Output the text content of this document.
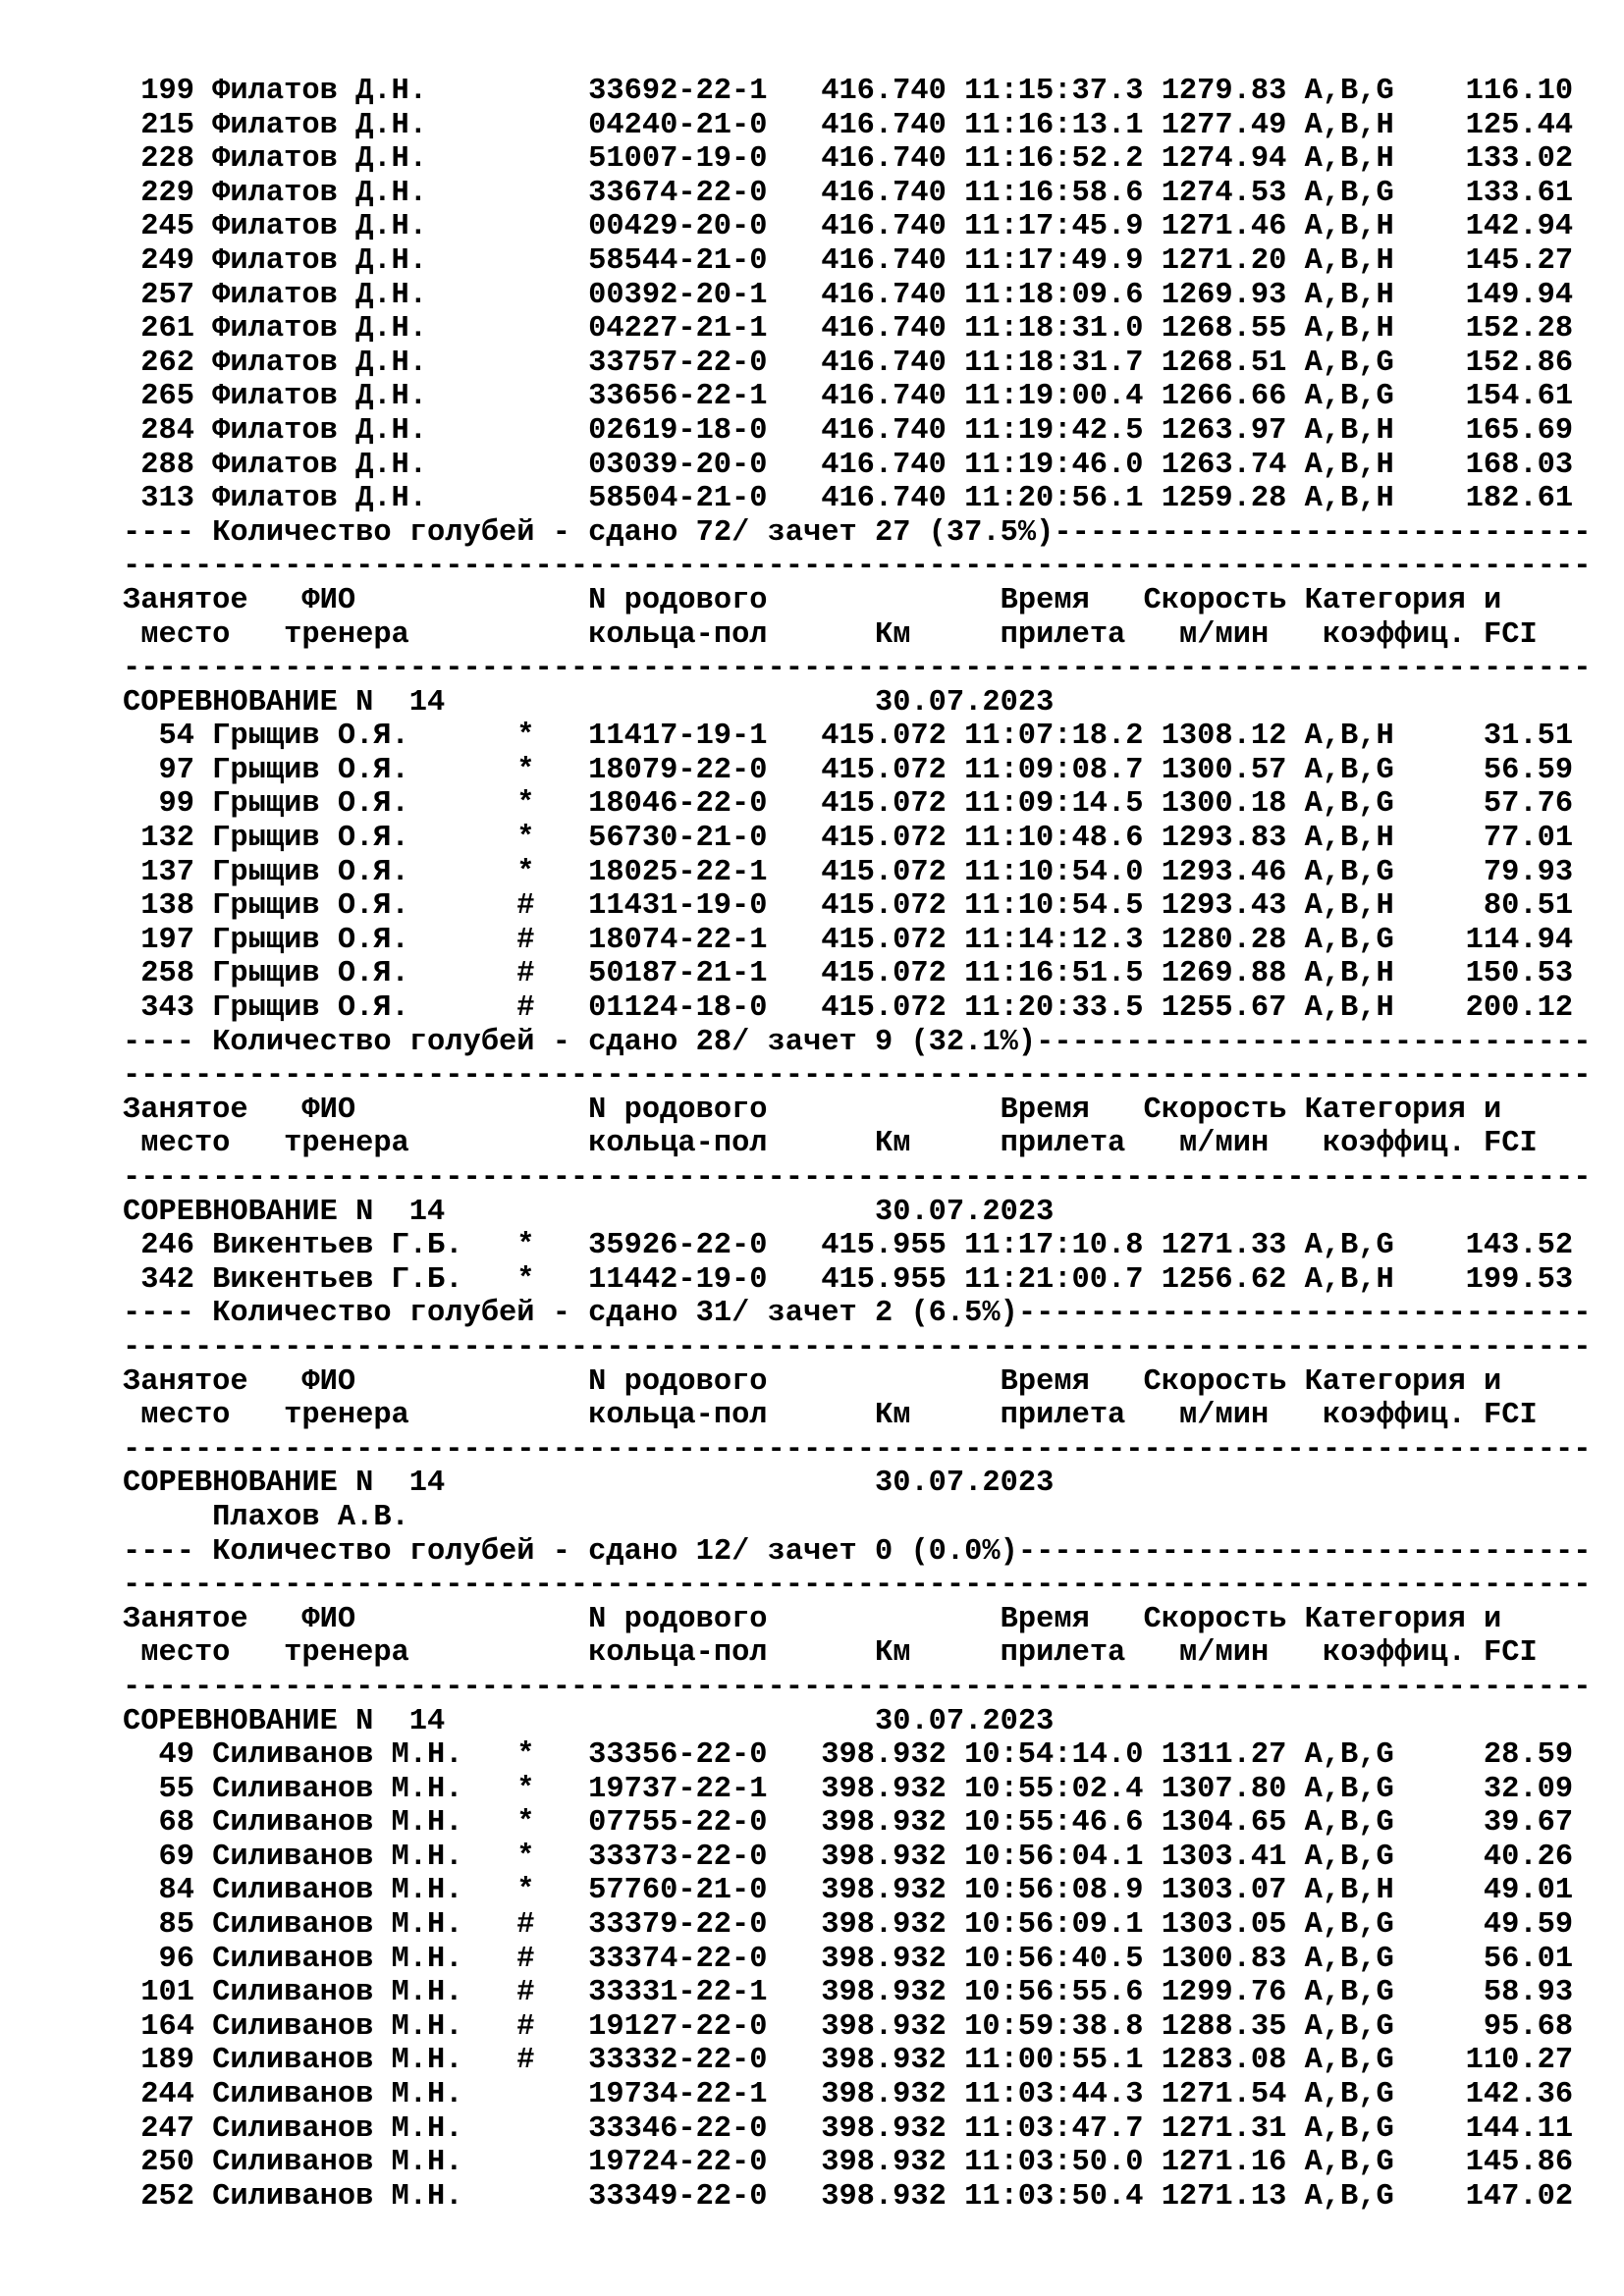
199 Филатов Д.Н.	33692-22-1 416.740 11:15:37.3 1279.83 A,B,G 116.10
215 Филатов Д.Н.	04240-21-0 416.740 11:16:13.1 1277.49 A,B,H 125.44
228 Филатов Д.Н.	51007-19-0 416.740 11:16:52.2 1274.94 A,B,H 133.02
229 Филатов Д.Н.	33674-22-0 416.740 11:16:58.6 1274.53 A,B,G 133.61
245 Филатов Д.Н.	00429-20-0 416.740 11:17:45.9 1271.46 A,B,H 142.94
249 Филатов Д.Н.	58544-21-0 416.740 11:17:49.9 1271.20 A,B,H 145.27
257 Филатов Д.Н.	00392-20-1 416.740 11:18:09.6 1269.93 A,B,H 149.94
261 Филатов Д.Н.	04227-21-1 416.740 11:18:31.0 1268.55 A,B,H 152.28
262 Филатов Д.Н.	33757-22-0 416.740 11:18:31.7 1268.51 A,B,G 152.86
265 Филатов Д.Н.	33656-22-1 416.740 11:19:00.4 1266.66 A,B,G 154.61
284 Филатов Д.Н.	02619-18-0 416.740 11:19:42.5 1263.97 A,B,H 165.69
288 Филатов Д.Н.	03039-20-0 416.740 11:19:46.0 1263.74 A,B,H 168.03
313 Филатов Д.Н.	58504-21-0 416.740 11:20:56.1 1259.28 A,B,H 182.61
---- Количество голубей - сдано 72/ зачет 27 (37.5%)------------------------------
----------------------------------------------------------------------------------
Занятое   ФИО             N родового             Время   Скорость Категория и
место   тренера          кольца-пол      Км     прилета   м/мин   коэффиц. FCI
----------------------------------------------------------------------------------
СОРЕВНОВАНИЕ N  14	30.07.2023
54 Грыщив О.Я.	* 11417-19-1 415.072 11:07:18.2 1308.12 A,B,H	31.51
97 Грыщив О.Я.	* 18079-22-0 415.072 11:09:08.7 1300.57 A,B,G	56.59
99 Грыщив О.Я.	* 18046-22-0 415.072 11:09:14.5 1300.18 A,B,G	57.76
132 Грыщив О.Я.	* 56730-21-0 415.072 11:10:48.6 1293.83 A,B,H	77.01
137 Грыщив О.Я.	* 18025-22-1 415.072 11:10:54.0 1293.46 A,B,G	79.93
138 Грыщив О.Я.	# 11431-19-0 415.072 11:10:54.5 1293.43 A,B,H	80.51
197 Грыщив О.Я.	# 18074-22-1 415.072 11:14:12.3 1280.28 A,B,G 114.94
258 Грыщив О.Я.	# 50187-21-1 415.072 11:16:51.5 1269.88 A,B,H 150.53
343 Грыщив О.Я.	# 01124-18-0 415.072 11:20:33.5 1255.67 A,B,H 200.12
---- Количество голубей - сдано 28/ зачет 9 (32.1%)-------------------------------
----------------------------------------------------------------------------------
Занятое   ФИО             N родового             Время   Скорость Категория и
место   тренера          кольца-пол      Км     прилета   м/мин   коэффиц. FCI
----------------------------------------------------------------------------------
СОРЕВНОВАНИЕ N  14	30.07.2023
246 Викентьев Г.Б. * 35926-22-0 415.955 11:17:10.8 1271.33 A,B,G 143.52
342 Викентьев Г.Б. * 11442-19-0 415.955 11:21:00.7 1256.62 A,B,H 199.53
---- Количество голубей - сдано 31/ зачет 2 (6.5%)--------------------------------
----------------------------------------------------------------------------------
Занятое   ФИО             N родового             Время   Скорость Категория и
место   тренера          кольца-пол      Км     прилета   м/мин   коэффиц. FCI
----------------------------------------------------------------------------------
СОРЕВНОВАНИЕ N  14	30.07.2023
Плахов А.В.
---- Количество голубей - сдано 12/ зачет 0 (0.0%)--------------------------------
----------------------------------------------------------------------------------
Занятое   ФИО             N родового             Время   Скорость Категория и
место   тренера          кольца-пол      Км     прилета   м/мин   коэффиц. FCI
----------------------------------------------------------------------------------
СОРЕВНОВАНИЕ N  14	30.07.2023
49 Силиванов М.Н. * 33356-22-0 398.932 10:54:14.0 1311.27 A,B,G	28.59
55 Силиванов М.Н. * 19737-22-1 398.932 10:55:02.4 1307.80 A,B,G	32.09
68 Силиванов М.Н. * 07755-22-0 398.932 10:55:46.6 1304.65 A,B,G	39.67
69 Силиванов М.Н. * 33373-22-0 398.932 10:56:04.1 1303.41 A,B,G	40.26
84 Силиванов М.Н. * 57760-21-0 398.932 10:56:08.9 1303.07 A,B,H	49.01
85 Силиванов М.Н. # 33379-22-0 398.932 10:56:09.1 1303.05 A,B,G	49.59
96 Силиванов М.Н. # 33374-22-0 398.932 10:56:40.5 1300.83 A,B,G	56.01
101 Силиванов М.Н. # 33331-22-1 398.932 10:56:55.6 1299.76 A,B,G	58.93
164 Силиванов М.Н. # 19127-22-0 398.932 10:59:38.8 1288.35 A,B,G	95.68
189 Силиванов М.Н. # 33332-22-0 398.932 11:00:55.1 1283.08 A,B,G 110.27
244 Силиванов М.Н.	19734-22-1 398.932 11:03:44.3 1271.54 A,B,G 142.36
247 Силиванов М.Н.	33346-22-0 398.932 11:03:47.7 1271.31 A,B,G 144.11
250 Силиванов М.Н.	19724-22-0 398.932 11:03:50.0 1271.16 A,B,G 145.86
252 Силиванов М.Н.	33349-22-0 398.932 11:03:50.4 1271.13 A,B,G 147.02
